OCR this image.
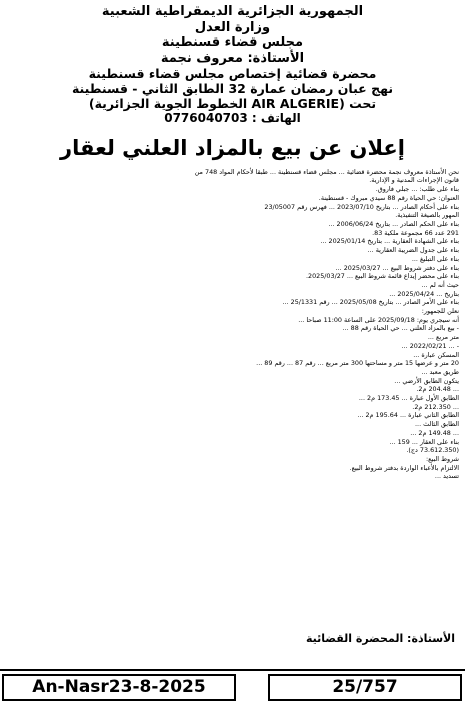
الجمهورية الجزائرية الديمقراطية الشعبية
وزارة العدل
مجلس قضاء قسنطينة
الأستاذة: معروف نجمة
محضرة قضائية إختصاص مجلس قضاء قسنطينة
نهج عبان رمضان عمارة 32 الطابق الثاني - قسنطينة
تحت (AIR ALGERIE الخطوط الجوية الجزائرية)
الهاتف : 0776040703
إعلان عن بيع بالمزاد العلني لعقار

نحن الأستاذة معروف نجمة محضرة قضائية ... مجلس قضاء قسنطينة ... طبقا لأحكام المواد 748 من

قانون الإجراءات المدنية و الإدارية.

بناء على طلب: ... جبلي فاروق.

العنوان: حي الحياة رقم 88 سيدي مبروك - قسنطينة.

بناء على أحكام الصادر ... بتاريخ 2023/07/10 ... فهرس رقم 23/05007

المهور بالصيغة التنفيذية.

بناء على الحكم الصادر ... بتاريخ 2006/06/24 ...

291 عدد 66 مجموعة ملكية 83.

بناء على الشهادة العقارية ... بتاريخ 2025/01/14 ...

بناء على جدول الضريبة العقارية ...

بناء على التبليغ ...

بناء على دفتر شروط البيع ... 2025/03/27 ...

بناء على محضر إيداع قائمة شروط البيع ... 2025/03/27.

حيث أنه لم ...

بتاريخ ... 2025/04/24 ...

بناء على الأمر الصادر ... بتاريخ 2025/05/08 ... رقم 25/1331 ...

نعلن للجمهور:

أنه سيجري يوم: 2025/09/18 على الساعة 11:00 صباحا ...

- بيع بالمزاد العلني ... حي الحياة رقم 88 ...

متر مربع ...

- ... 2022/02/21 ...

المسكن عبارة ...

20 متر و عرضها 15 متر و مساحتها 300 متر مربع ... رقم 87 ... رقم 89 ...

طريق معبد ...

يتكون الطابق الأرضي ...

... 204.48 م2.

الطابق الأول عبارة ... 173.45 م2 ...

... 212.350 م2.

الطابق الثاني عبارة ... 195.64 م2 ...

الطابق الثالث ...

... 149.48 م2 ...

بناء على العقار ... 159 ...

(73.612.350 دج).

شروط البيع:

الالتزام بالأعباء الواردة بدفتر شروط البيع.

تسديد ...

الأستاذة: المحضرة القضائية
An-Nasr23-8-2025	25/757
